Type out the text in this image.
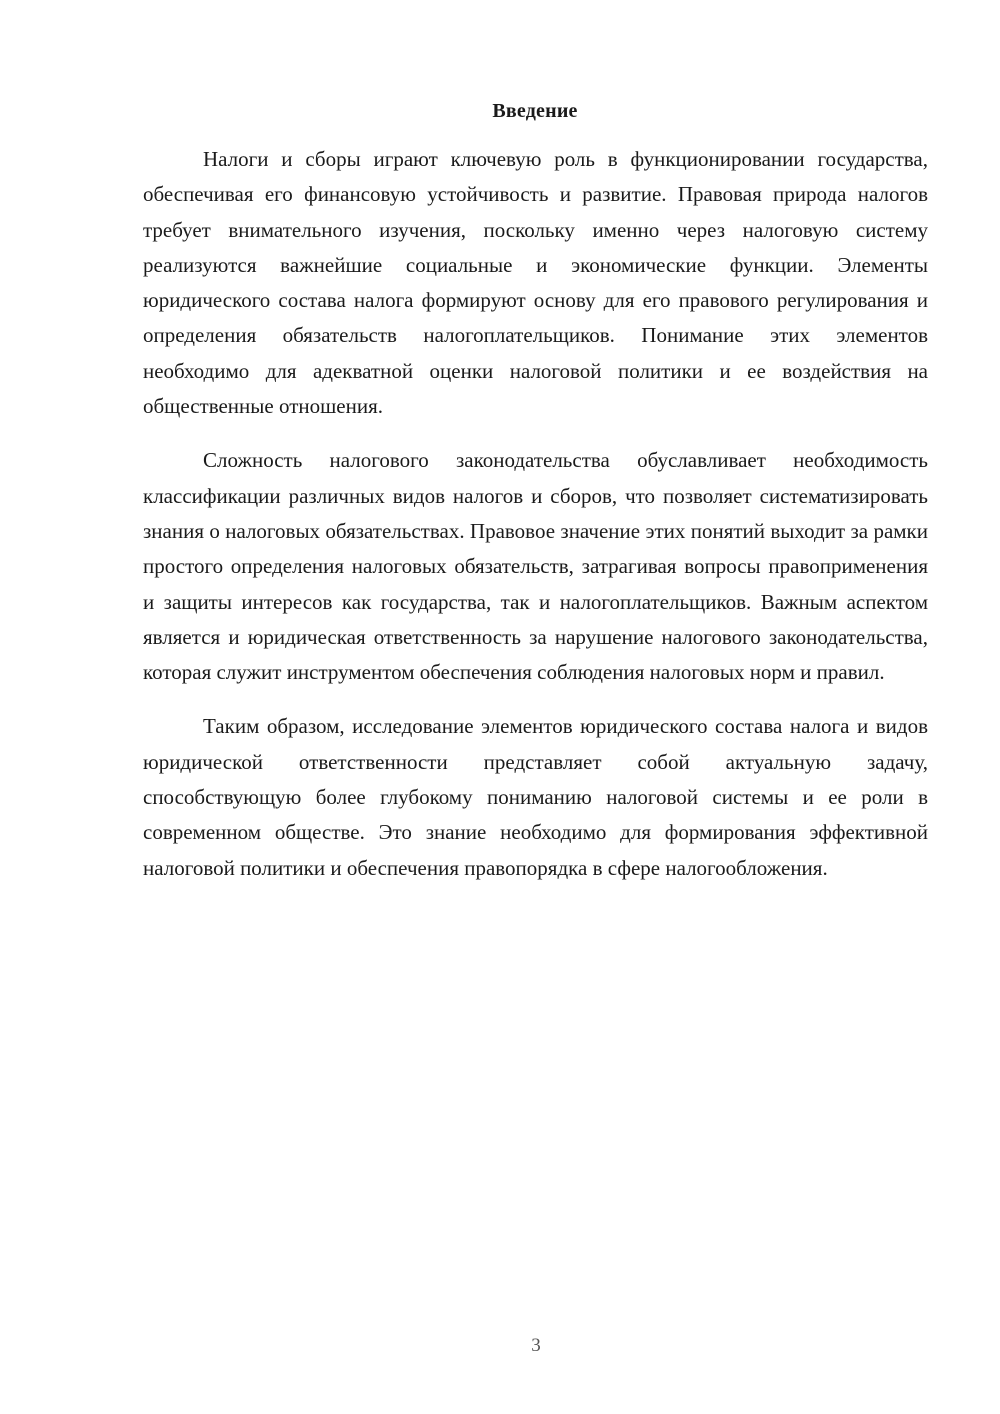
Введение

Налоги и сборы играют ключевую роль в функционировании государства, обеспечивая его финансовую устойчивость и развитие. Правовая природа налогов требует внимательного изучения, поскольку именно через налоговую систему реализуются важнейшие социальные и экономические функции. Элементы юридического состава налога формируют основу для его правового регулирования и определения обязательств налогоплательщиков. Понимание этих элементов необходимо для адекватной оценки налоговой политики и ее воздействия на общественные отношения.

Сложность налогового законодательства обуславливает необходимость классификации различных видов налогов и сборов, что позволяет систематизировать знания о налоговых обязательствах. Правовое значение этих понятий выходит за рамки простого определения налоговых обязательств, затрагивая вопросы правоприменения и защиты интересов как государства, так и налогоплательщиков. Важным аспектом является и юридическая ответственность за нарушение налогового законодательства, которая служит инструментом обеспечения соблюдения налоговых норм и правил.

Таким образом, исследование элементов юридического состава налога и видов юридической ответственности представляет собой актуальную задачу, способствующую более глубокому пониманию налоговой системы и ее роли в современном обществе. Это знание необходимо для формирования эффективной налоговой политики и обеспечения правопорядка в сфере налогообложения.

3
